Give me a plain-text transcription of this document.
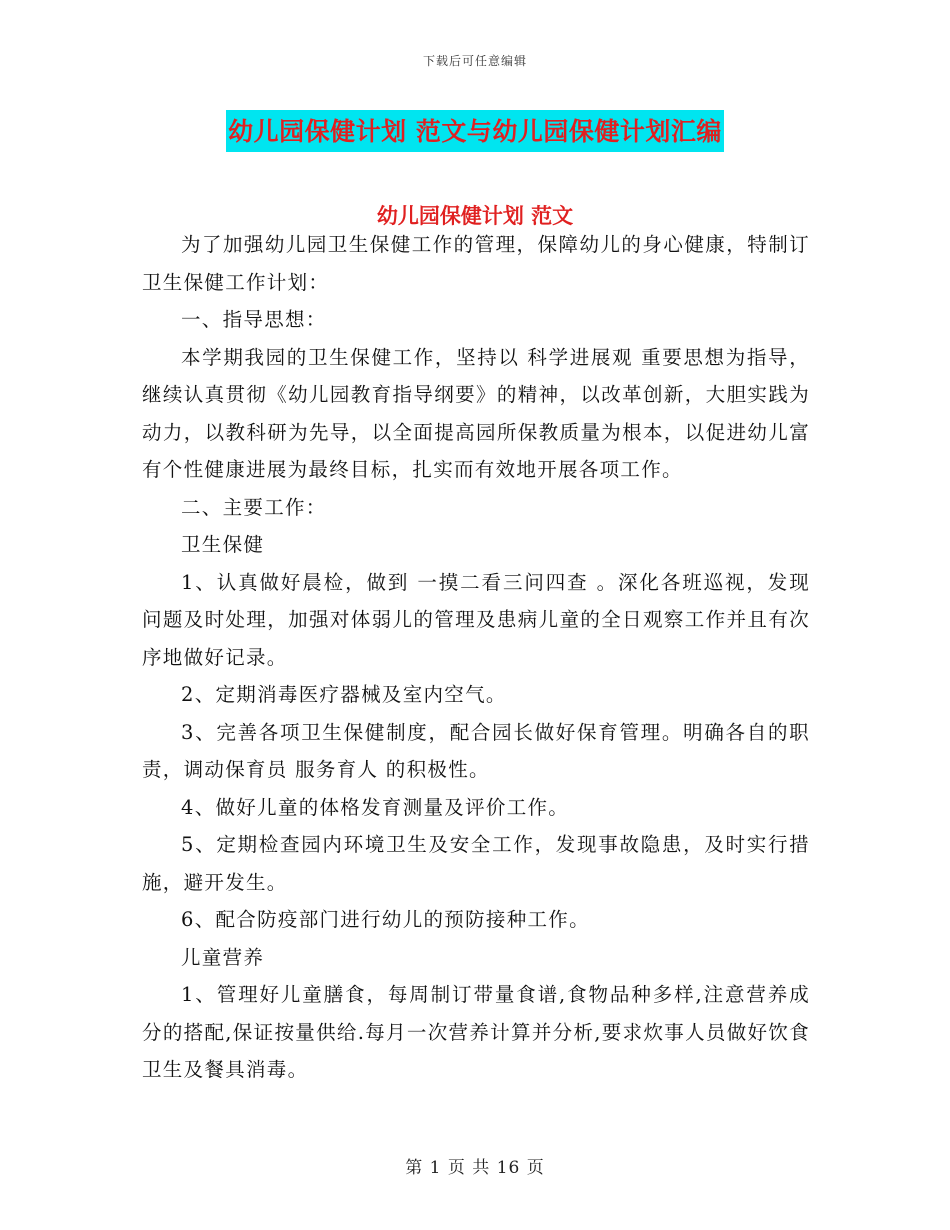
下载后可任意编辑
幼儿园保健计划 范文与幼儿园保健计划汇编
幼儿园保健计划 范文

为了加强幼儿园卫生保健工作的管理，保障幼儿的身心健康，特制订卫生保健工作计划：

一、指导思想：

本学期我园的卫生保健工作，坚持以 科学进展观 重要思想为指导，继续认真贯彻《幼儿园教育指导纲要》的精神，以改革创新，大胆实践为动力，以教科研为先导，以全面提高园所保教质量为根本，以促进幼儿富有个性健康进展为最终目标，扎实而有效地开展各项工作。

二、主要工作：

卫生保健

1、认真做好晨检，做到 一摸二看三问四查 。深化各班巡视，发现问题及时处理，加强对体弱儿的管理及患病儿童的全日观察工作并且有次序地做好记录。

2、定期消毒医疗器械及室内空气。

3、完善各项卫生保健制度，配合园长做好保育管理。明确各自的职责，调动保育员 服务育人 的积极性。

4、做好儿童的体格发育测量及评价工作。

5、定期检查园内环境卫生及安全工作，发现事故隐患，及时实行措施，避开发生。

6、配合防疫部门进行幼儿的预防接种工作。

儿童营养

1、管理好儿童膳食，每周制订带量食谱,食物品种多样,注意营养成分的搭配,保证按量供给.每月一次营养计算并分析,要求炊事人员做好饮食卫生及餐具消毒。

第 1 页 共 16 页
